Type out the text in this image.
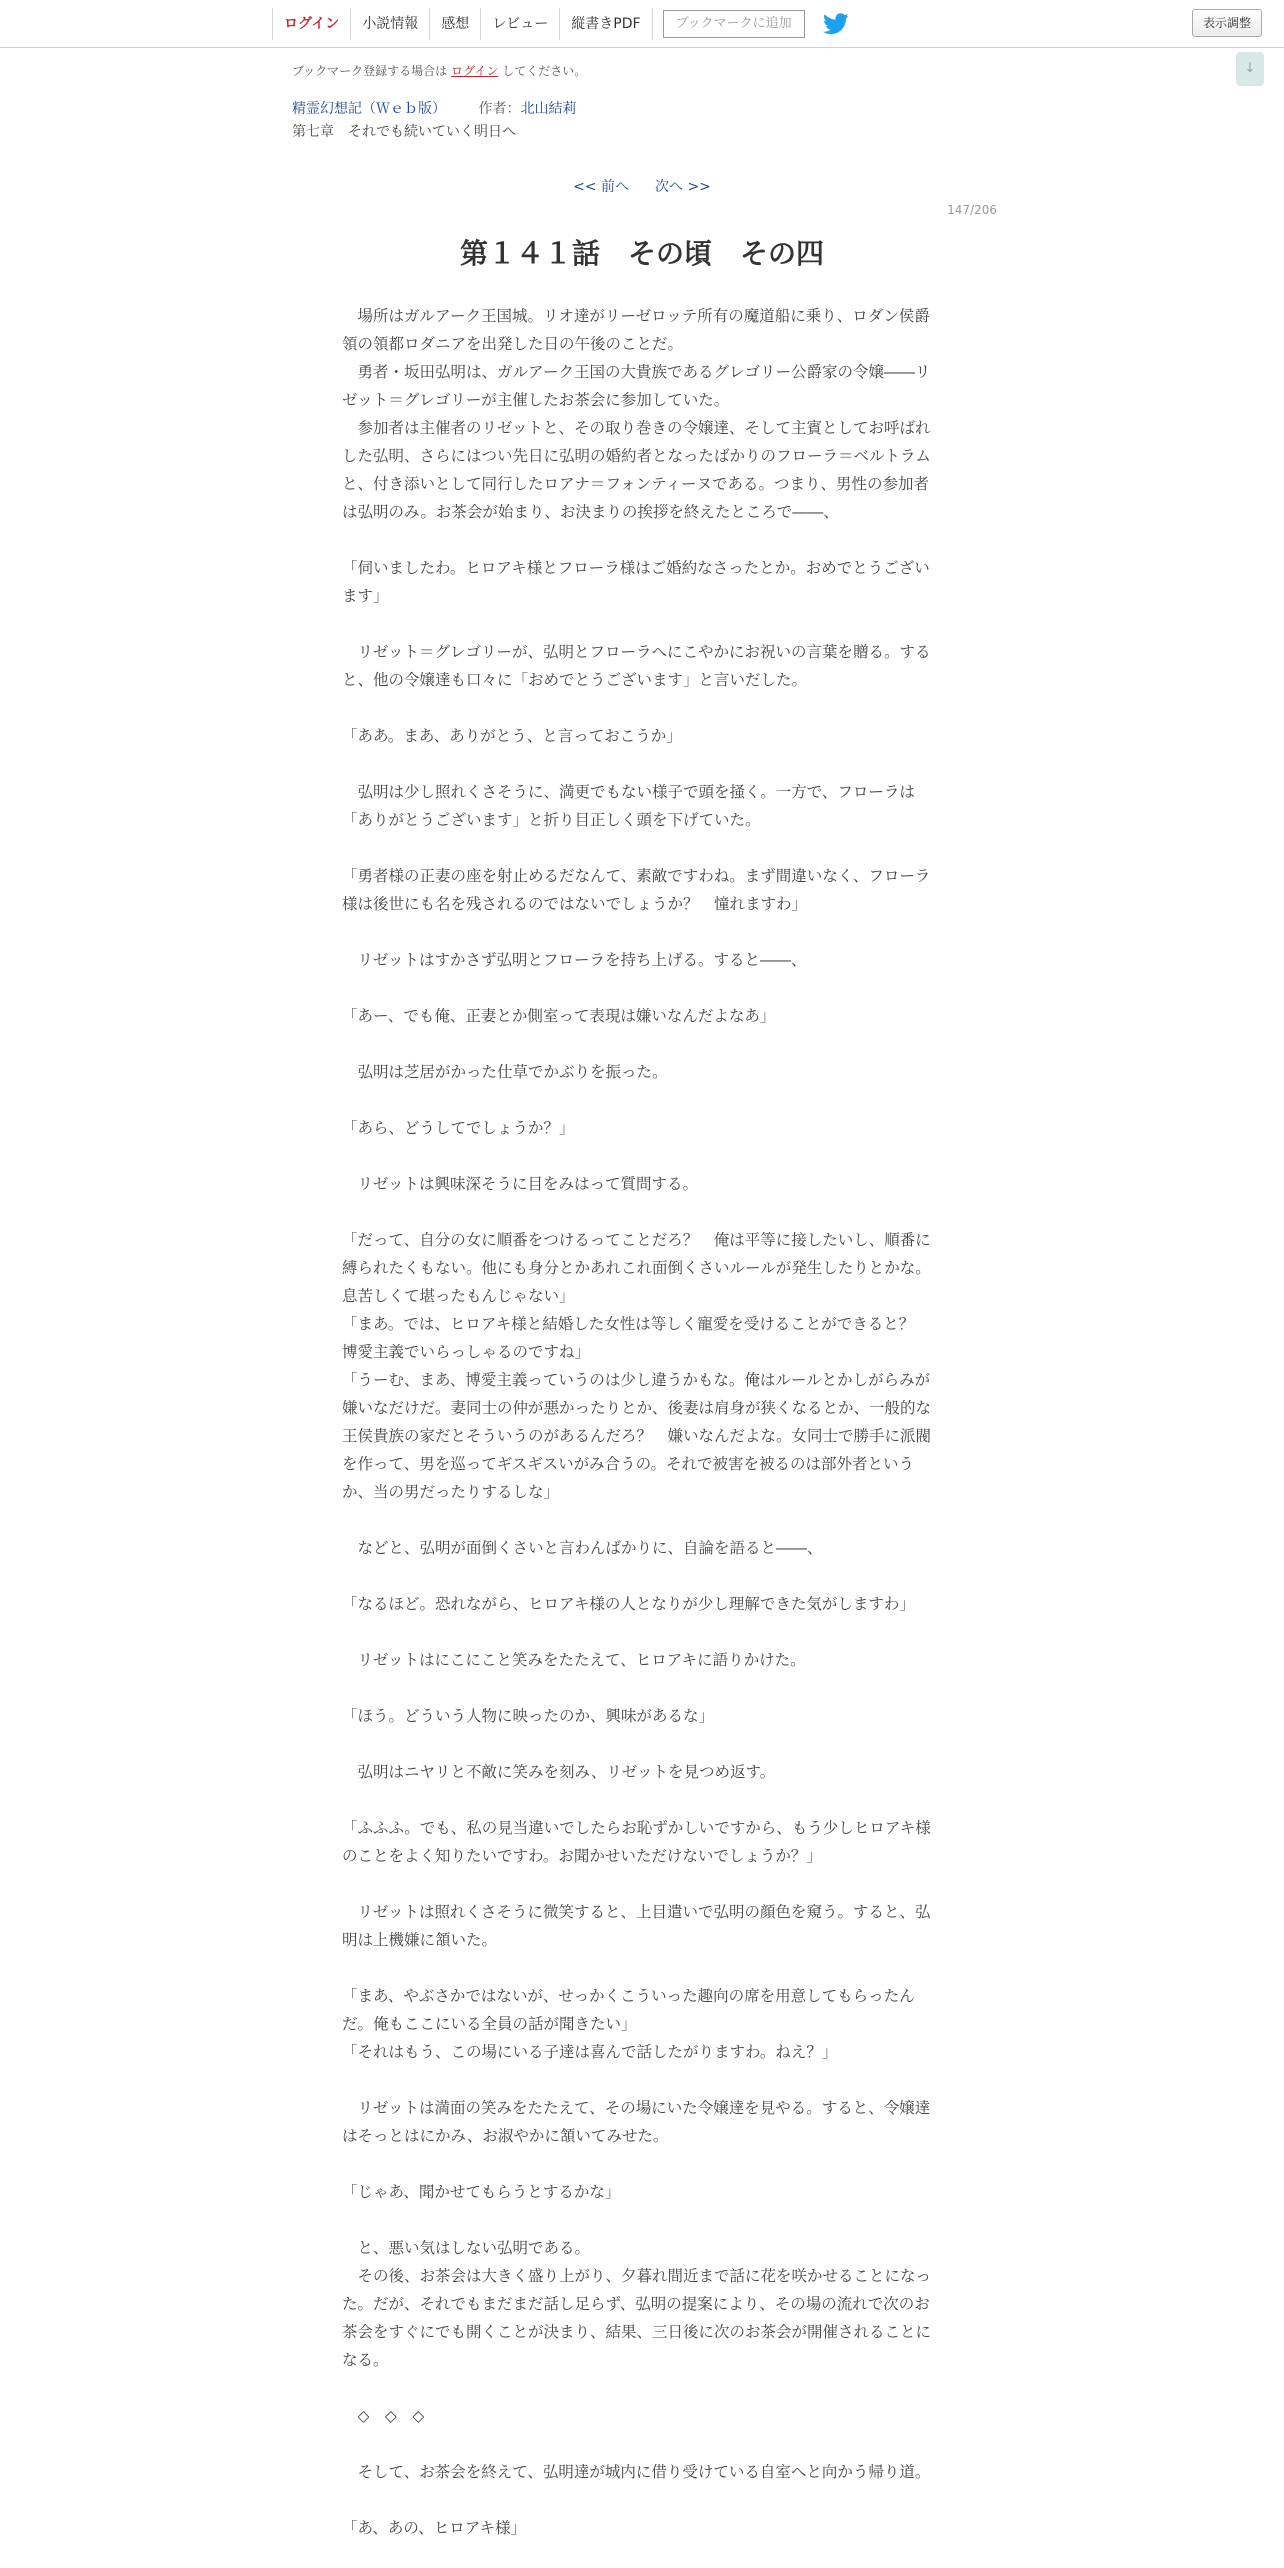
ログイン	小説情報	感想	レビュー	縦書きPDF	ブックマークに追加	表示調整
↓
ブックマーク登録する場合は ログイン してください。
精霊幻想記（Ｗｅｂ版） 作者：北山結莉
第七章　それでも続いていく明日へ
<< 前へ 次へ >>
147/206
第１４１話　その頃　その四

　場所はガルアーク王国城。リオ達がリーゼロッテ所有の魔道船に乗り、ロダン侯爵領の領都ロダニアを出発した日の午後のことだ。

　勇者・坂田弘明は、ガルアーク王国の大貴族であるグレゴリー公爵家の令嬢――リゼット＝グレゴリーが主催したお茶会に参加していた。

　参加者は主催者のリゼットと、その取り巻きの令嬢達、そして主賓としてお呼ばれした弘明、さらにはつい先日に弘明の婚約者となったばかりのフローラ＝ベルトラムと、付き添いとして同行したロアナ＝フォンティーヌである。つまり、男性の参加者は弘明のみ。お茶会が始まり、お決まりの挨拶を終えたところで――、

「伺いましたわ。ヒロアキ様とフローラ様はご婚約なさったとか。おめでとうございます」

　リゼット＝グレゴリーが、弘明とフローラへにこやかにお祝いの言葉を贈る。すると、他の令嬢達も口々に「おめでとうございます」と言いだした。

「ああ。まあ、ありがとう、と言っておこうか」

　弘明は少し照れくさそうに、満更でもない様子で頭を掻く。一方で、フローラは「ありがとうございます」と折り目正しく頭を下げていた。

「勇者様の正妻の座を射止めるだなんて、素敵ですわね。まず間違いなく、フローラ様は後世にも名を残されるのではないでしょうか？　憧れますわ」

　リゼットはすかさず弘明とフローラを持ち上げる。すると――、

「あー、でも俺、正妻とか側室って表現は嫌いなんだよなあ」

　弘明は芝居がかった仕草でかぶりを振った。

「あら、どうしてでしょうか？」

　リゼットは興味深そうに目をみはって質問する。

「だって、自分の女に順番をつけるってことだろ？　俺は平等に接したいし、順番に縛られたくもない。他にも身分とかあれこれ面倒くさいルールが発生したりとかな。息苦しくて堪ったもんじゃない」

「まあ。では、ヒロアキ様と結婚した女性は等しく寵愛を受けることができると？　博愛主義でいらっしゃるのですね」

「うーむ、まあ、博愛主義っていうのは少し違うかもな。俺はルールとかしがらみが嫌いなだけだ。妻同士の仲が悪かったりとか、後妻は肩身が狭くなるとか、一般的な王侯貴族の家だとそういうのがあるんだろ？　嫌いなんだよな。女同士で勝手に派閥を作って、男を巡ってギスギスいがみ合うの。それで被害を被るのは部外者というか、当の男だったりするしな」

　などと、弘明が面倒くさいと言わんばかりに、自論を語ると――、

「なるほど。恐れながら、ヒロアキ様の人となりが少し理解できた気がしますわ」

　リゼットはにこにこと笑みをたたえて、ヒロアキに語りかけた。

「ほう。どういう人物に映ったのか、興味があるな」

　弘明はニヤリと不敵に笑みを刻み、リゼットを見つめ返す。

「ふふふ。でも、私の見当違いでしたらお恥ずかしいですから、もう少しヒロアキ様のことをよく知りたいですわ。お聞かせいただけないでしょうか？」

　リゼットは照れくさそうに微笑すると、上目遣いで弘明の顔色を窺う。すると、弘明は上機嫌に頷いた。

「まあ、やぶさかではないが、せっかくこういった趣向の席を用意してもらったんだ。俺もここにいる全員の話が聞きたい」

「それはもう、この場にいる子達は喜んで話したがりますわ。ねえ？」

　リゼットは満面の笑みをたたえて、その場にいた令嬢達を見やる。すると、令嬢達はそっとはにかみ、お淑やかに頷いてみせた。

「じゃあ、聞かせてもらうとするかな」

　と、悪い気はしない弘明である。

　その後、お茶会は大きく盛り上がり、夕暮れ間近まで話に花を咲かせることになった。だが、それでもまだまだ話し足らず、弘明の提案により、その場の流れで次のお茶会をすぐにでも開くことが決まり、結果、三日後に次のお茶会が開催されることになる。

　◇　◇　◇

　そして、お茶会を終えて、弘明達が城内に借り受けている自室へと向かう帰り道。

「あ、あの、ヒロアキ様」
